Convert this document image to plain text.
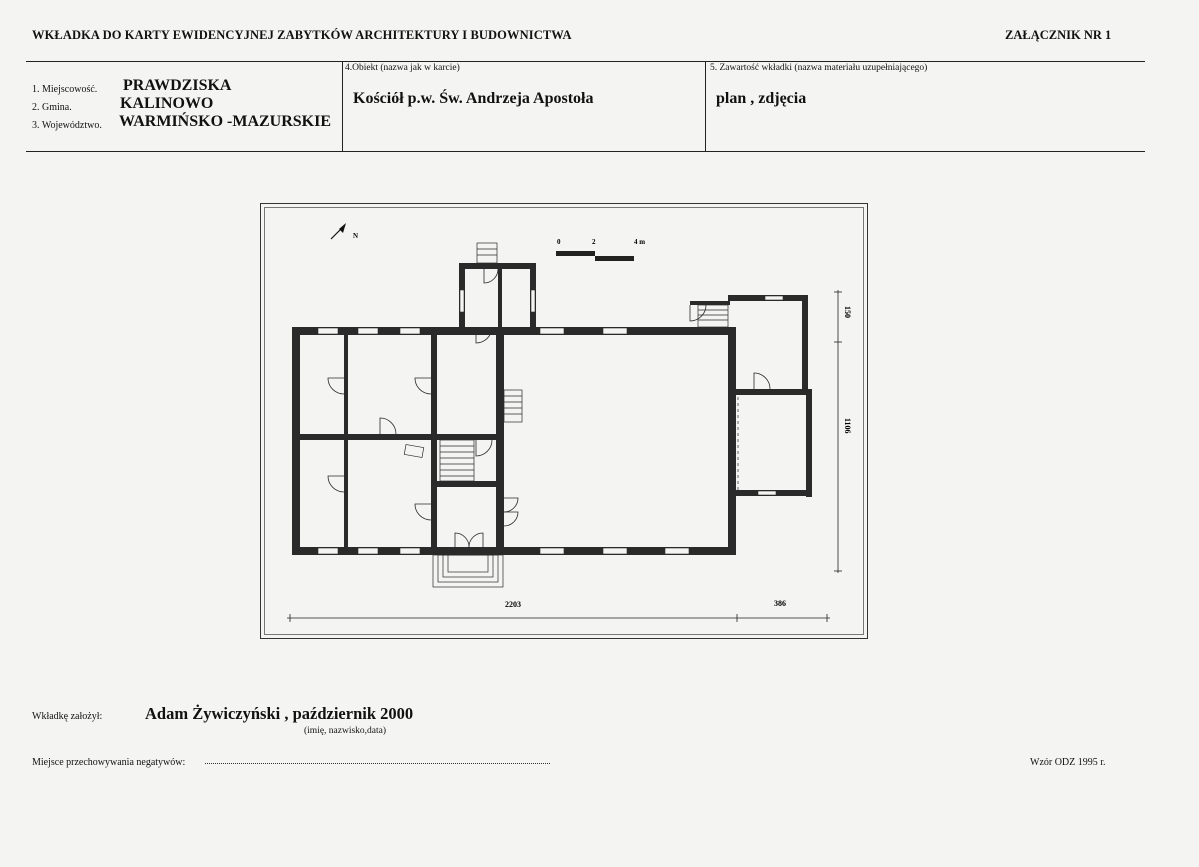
WKŁADKA DO KARTY EWIDENCYJNEJ ZABYTKÓW ARCHITEKTURY I BUDOWNICTWA	ZAŁĄCZNIK NR 1
1. Miejscowość. PRAWDZISKA
2. Gmina.	KALINOWO
3. Województwo. WARMIŃSKO -MAZURSKIE
4.Obiekt (nazwa jak w karcie)
Kościół p.w. Św. Andrzeja Apostoła
5. Zawartość wkładki (nazwa materiału uzupełniającego)
plan , zdjęcia
N
0	2	4 m
2203	386
150
1106
Wkładkę założył:	Adam Żywiczyński , październik 2000
(imię, nazwisko,data)
Miejsce przechowywania negatywów:	Wzór ODZ 1995 r.
